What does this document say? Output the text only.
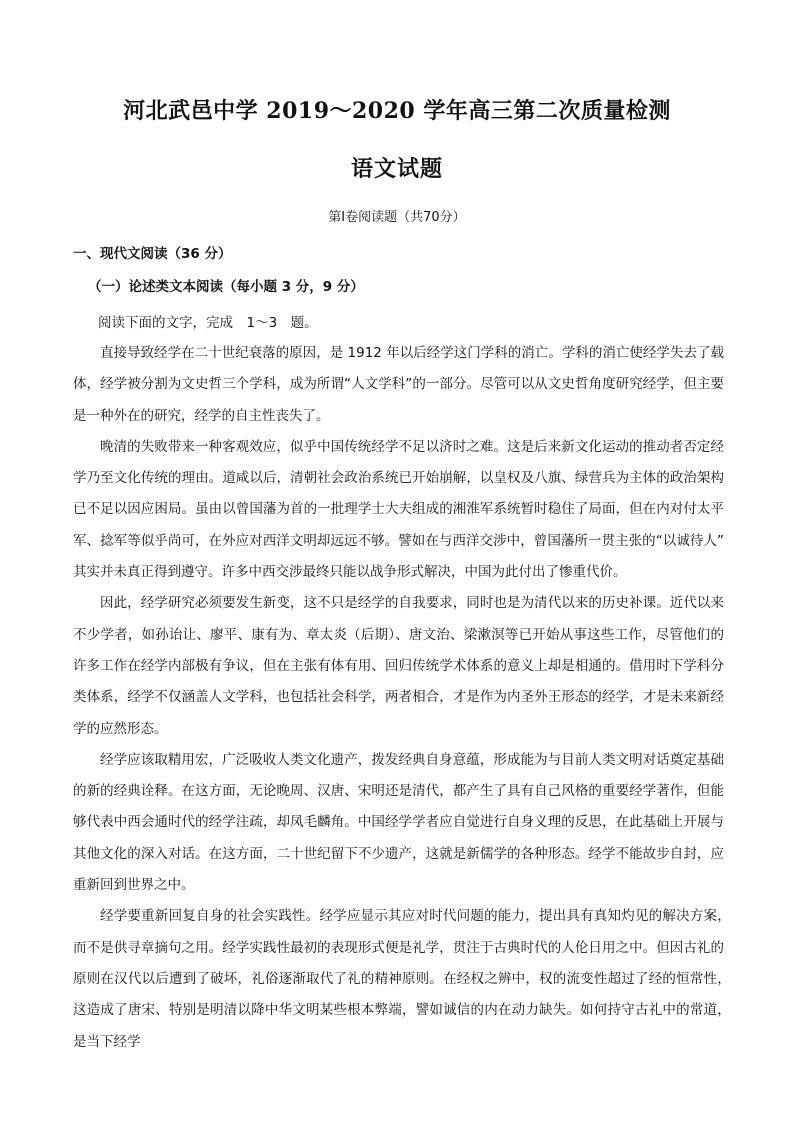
河北武邑中学 2019～2020 学年高三第二次质量检测
语文试题
第I卷阅读题（共70分）
一、现代文阅读（36 分）
（一）论述类文本阅读（每小题 3 分，9 分）
阅读下面的文字，完成　1～3　题。

直接导致经学在二十世纪衰落的原因，是 1912 年以后经学这门学科的消亡。学科的消亡使经学失去了载体，经学被分割为文史哲三个学科，成为所谓“人文学科”的一部分。尽管可以从文史哲角度研究经学，但主要是一种外在的研究，经学的自主性丧失了。

晚清的失败带来一种客观效应，似乎中国传统经学不足以济时之难。这是后来新文化运动的推动者否定经学乃至文化传统的理由。道咸以后，清朝社会政治系统已开始崩解，以皇权及八旗、绿营兵为主体的政治架构已不足以因应困局。虽由以曾国藩为首的一批理学士大夫组成的湘淮军系统暂时稳住了局面，但在内对付太平军、捻军等似乎尚可，在外应对西洋文明却远远不够。譬如在与西洋交涉中，曾国藩所一贯主张的“以诚待人” 其实并未真正得到遵守。许多中西交涉最终只能以战争形式解决，中国为此付出了惨重代价。

因此，经学研究必须要发生新变，这不只是经学的自我要求，同时也是为清代以来的历史补课。近代以来不少学者，如孙诒让、廖平、康有为、章太炎（后期）、唐文治、梁漱溟等已开始从事这些工作，尽管他们的许多工作在经学内部极有争议，但在主张有体有用、回归传统学术体系的意义上却是相通的。借用时下学科分类体系，经学不仅涵盖人文学科，也包括社会科学，两者相合，才是作为内圣外王形态的经学，才是未来新经学的应然形态。

经学应该取精用宏，广泛吸收人类文化遗产，拨发经典自身意蕴，形成能为与目前人类文明对话奠定基础的新的经典诠释。在这方面，无论晚周、汉唐、宋明还是清代，都产生了具有自己风格的重要经学著作，但能够代表中西会通时代的经学注疏，却凤毛麟角。中国经学学者应自觉进行自身义理的反思，在此基础上开展与其他文化的深入对话。在这方面，二十世纪留下不少遗产，这就是新儒学的各种形态。经学不能故步自封，应重新回到世界之中。

经学要重新回复自身的社会实践性。经学应显示其应对时代问题的能力，提出具有真知灼见的解决方案，　而不是供寻章摘句之用。经学实践性最初的表现形式便是礼学，贯注于古典时代的人伦日用之中。但因古礼的原则在汉代以后遭到了破坏，礼俗逐渐取代了礼的精神原则。在经权之辨中，权的流变性超过了经的恒常性，　这造成了唐宋、特别是明清以降中华文明某些根本弊端，譬如诚信的内在动力缺失。如何持守古礼中的常道，　是当下经学
